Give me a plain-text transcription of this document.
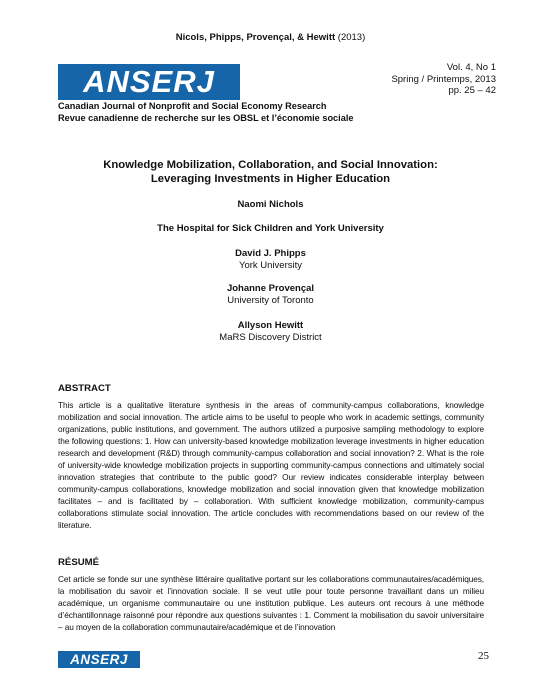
Nicols, Phipps, Provençal, & Hewitt (2013)
ANSERJ	Vol. 4, No 1
Spring / Printemps, 2013
pp. 25 – 42
Canadian Journal of Nonprofit and Social Economy Research
Revue canadienne de recherche sur les OBSL et l’économie sociale
Knowledge Mobilization, Collaboration, and Social Innovation:
Leveraging Investments in Higher Education
Naomi Nichols
The Hospital for Sick Children and York University
David J. Phipps
York University
Johanne Provençal
University of Toronto
Allyson Hewitt
MaRS Discovery District
ABSTRACT
This article is a qualitative literature synthesis in the areas of community-campus collaborations, knowledge mobilization and social innovation. The article aims to be useful to people who work in academic settings, community organizations, public institutions, and government. The authors utilized a purposive sampling methodology to explore the following questions: 1. How can university-based knowledge mobilization leverage investments in higher education research and development (R&D) through community-campus collaboration and social innovation? 2. What is the role of university-wide knowledge mobilization projects in supporting community-campus connections and ultimately social innovation strategies that contribute to the public good? Our review indicates considerable interplay between community-campus collaborations, knowledge mobilization and social innovation given that knowledge mobilization facilitates – and is facilitated by – collaboration. With sufficient knowledge mobilization, community-campus collaborations stimulate social innovation. The article concludes with recommendations based on our review of the literature.
RÉSUMÉ
Cet article se fonde sur une synthèse littéraire qualitative portant sur les collaborations communautaires/académiques, la mobilisation du savoir et l’innovation sociale. Il se veut utile pour toute personne travaillant dans un milieu académique, un organisme communautaire ou une institution publique. Les auteurs ont recours à une méthode d’échantillonnage raisonné pour répondre aux questions suivantes : 1. Comment la mobilisation du savoir universitaire – au moyen de la collaboration communautaire/académique et de l’innovation
ANSERJ	25
